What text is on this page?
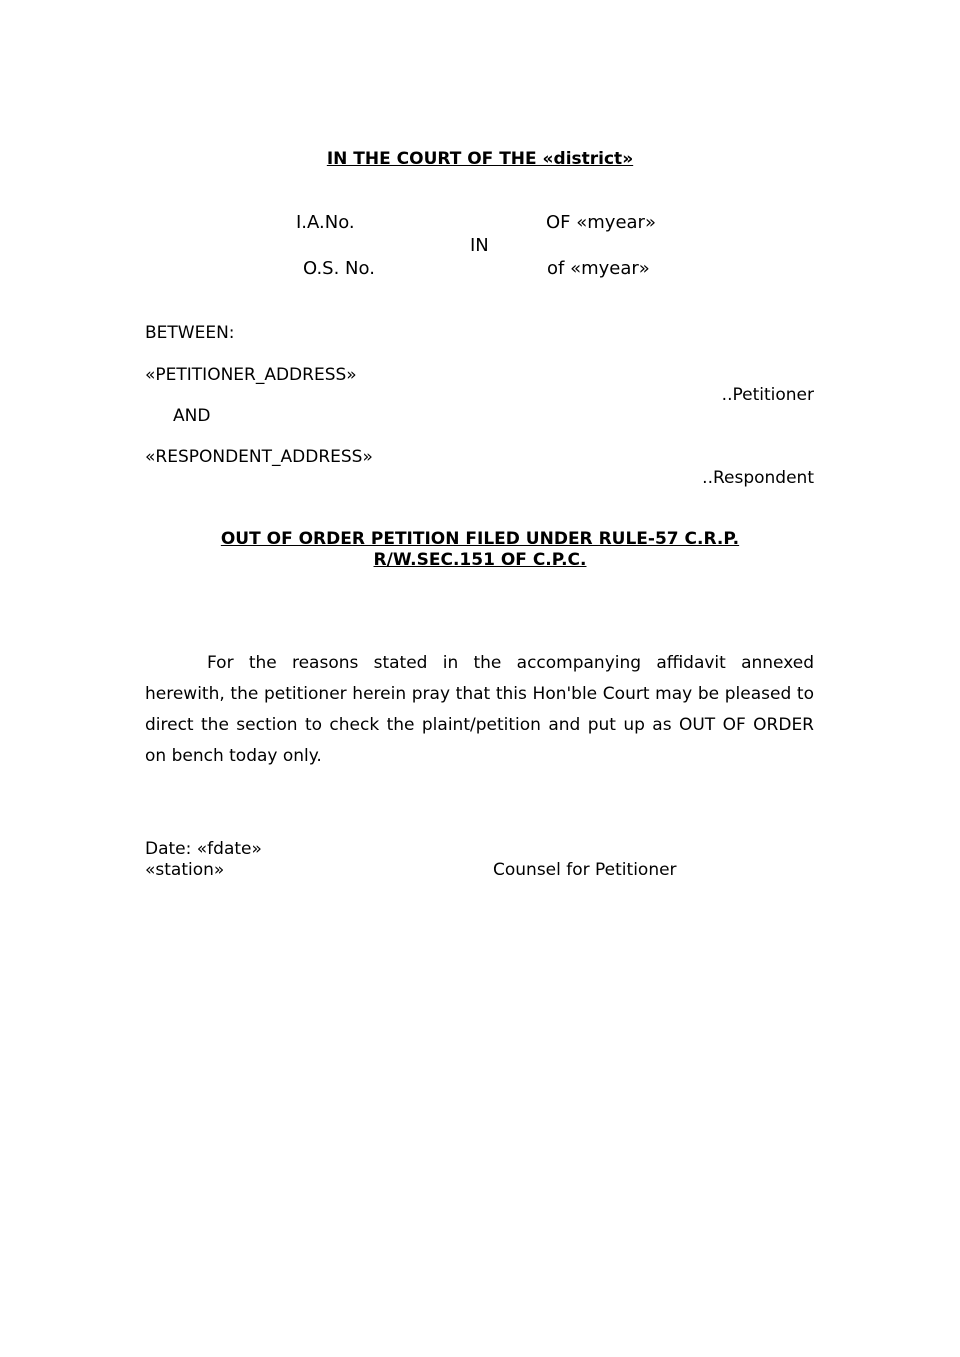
IN THE COURT OF THE «district»
I.A.No.	OF «myear»
IN
O.S. No.	of «myear»
BETWEEN:
«PETITIONER_ADDRESS»
..Petitioner
AND
«RESPONDENT_ADDRESS»
..Respondent
OUT OF ORDER PETITION FILED UNDER RULE-57 C.R.P.
R/W.SEC.151 OF C.P.C.
For the reasons stated in the accompanying affidavit annexed herewith, the petitioner herein pray that this Hon'ble Court may be pleased to direct the section to check the plaint/petition and put up as OUT OF ORDER on bench today only.
Date: «fdate»
«station»	Counsel for Petitioner
